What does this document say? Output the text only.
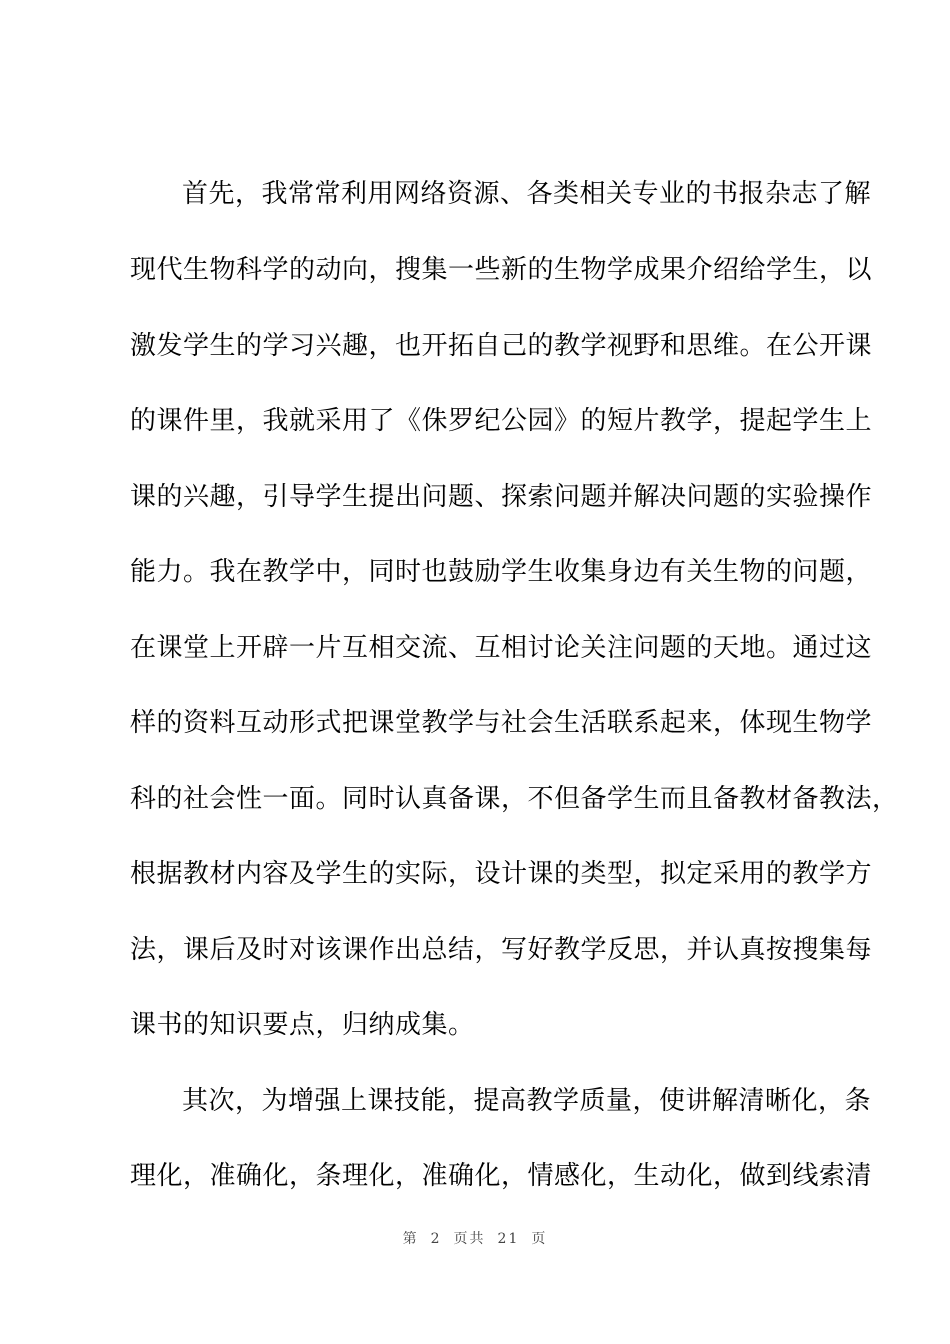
首先，我常常利用网络资源、各类相关专业的书报杂志了解
现代生物科学的动向，搜集一些新的生物学成果介绍给学生，以
激发学生的学习兴趣，也开拓自己的教学视野和思维。在公开课
的课件里，我就采用了《侏罗纪公园》的短片教学，提起学生上
课的兴趣，引导学生提出问题、探索问题并解决问题的实验操作
能力。我在教学中，同时也鼓励学生收集身边有关生物的问题，
在课堂上开辟一片互相交流、互相讨论关注问题的天地。通过这
样的资料互动形式把课堂教学与社会生活联系起来，体现生物学
科的社会性一面。同时认真备课，不但备学生而且备教材备教法，
根据教材内容及学生的实际，设计课的类型，拟定采用的教学方
法，课后及时对该课作出总结，写好教学反思，并认真按搜集每
课书的知识要点，归纳成集。
其次，为增强上课技能，提高教学质量，使讲解清晰化，条
理化，准确化，条理化，准确化，情感化，生动化，做到线索清
第 2 页共 21 页
